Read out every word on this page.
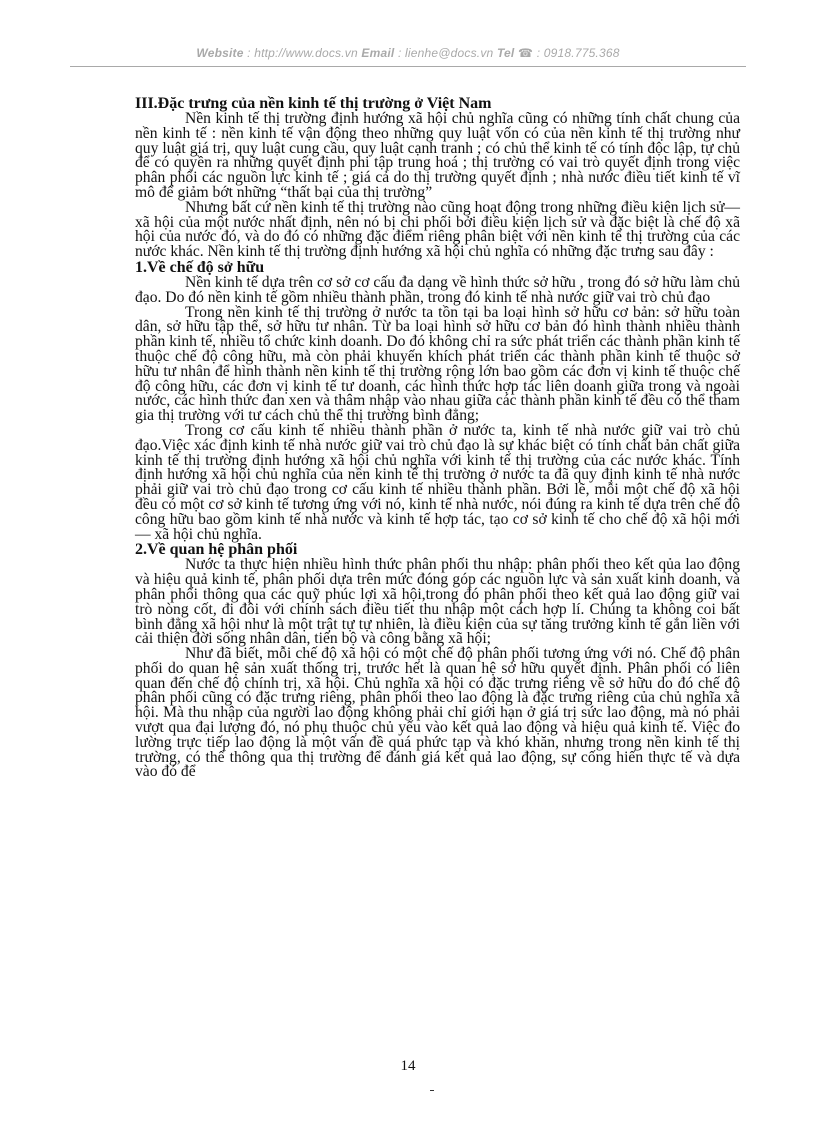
Website : http://www.docs.vn Email : lienhe@docs.vn Tel ☎ : 0918.775.368
III.Đặc trưng của nền kinh tế thị trường ở Việt Nam

Nền kinh tế thị trường định hướng xã hội chủ nghĩa cũng có những tính chất chung của nền kinh tế : nền kinh tế vận động theo những quy luật vốn có của nền kinh tế thị trường như quy luật giá trị, quy luật cung cầu, quy luật cạnh tranh ; có chủ thể kinh tế có tính độc lập, tự chủ để có quyền ra những quyết định phi tập trung hoá ; thị trường có vai trò quyết định trong việc phân phối các nguồn lực kinh tế ; giá cả do thị trường quyết định ; nhà nước điều tiết kinh tế vĩ mô để giảm bớt những “thất bại của thị trường”

Nhưng bất cứ nền kinh tế thị trường nào cũng hoạt động trong những điều kiện lịch sử—xã hội của một nước nhất định, nên nó bị chi phối bởi điều kiện lịch sử và đặc biệt là chế độ xã hội của nước đó, và do đó có những đặc điểm riêng phân biệt với nền kinh tế thị trường của các nước khác. Nền kinh tế thị trường định hướng xã hội chủ nghĩa có những đặc trưng sau đây :

1.Về chế độ sở hữu

Nền kinh tế dựa trên cơ sở cơ cấu đa dạng về hình thức sở hữu , trong đó sở hữu làm chủ đạo. Do đó nền kinh tế gồm nhiều thành phần, trong đó kinh tế nhà nước giữ vai trò chủ đạo

Trong nền kinh tế thị trường ở nước ta tồn tại ba loại hình sở hữu cơ bản: sở hữu toàn dân, sở hữu tập thể, sở hữu tư nhân. Từ ba loại hình sở hữu cơ bản đó hình thành nhiều thành phần kinh tế, nhiều tổ chức kinh doanh. Do đó không chỉ ra sức phát triển các thành phần kinh tế thuộc chế độ công hữu, mà còn phải khuyến khích phát triển các thành phần kinh tế thuộc sở hữu tư nhân để hình thành nền kinh tế thị trường rộng lớn bao gồm các đơn vị kinh tế thuộc chế độ công hữu, các đơn vị kinh tế tư doanh, các hình thức hợp tác liên doanh giữa trong và ngoài nước, các hình thức đan xen và thâm nhập vào nhau giữa các thành phần kinh tế đều có thể tham gia thị trường với tư cách chủ thể thị trường bình đẳng;

Trong cơ cấu kinh tế nhiều thành phần ở nước ta, kinh tế nhà nước giữ vai trò chủ đạo.Việc xác định kinh tế nhà nước giữ vai trò chủ đạo là sự khác biệt có tính chất bản chất giữa kinh tế thị trường định hướng xã hội chủ nghĩa với kinh tế thị trường của các nước khác. Tính định hướng xã hội chủ nghĩa của nền kinh tế thị trường ở nước ta đã quy định kinh tế nhà nước phải giữ vai trò chủ đạo trong cơ cấu kinh tế nhiều thành phần. Bởi lẽ, mỗi một chế độ xã hội đều có một cơ sở kinh tế tương ứng với nó, kinh tế nhà nước, nói đúng ra kinh tế dựa trên chế độ công hữu bao gồm kinh tế nhà nước và kinh tế hợp tác, tạo cơ sở kinh tế cho chế độ xã hội mới — xã hội chủ nghĩa.

2.Về quan hệ phân phối

Nước ta thực hiện nhiều hình thức phân phối thu nhập: phân phối theo kết qủa lao động và hiệu quả kinh tế, phân phối dựa trên mức đóng góp các nguồn lực và sản xuất kinh doanh, và phân phối thông qua các quỹ phúc lợi xã hội,trong đó phân phối theo kết quả lao động giữ vai trò nòng cốt, đi đôi với chính sách điều tiết thu nhập một cách hợp lí. Chúng ta không coi bất bình đẳng xã hội như là một trật tự tự nhiên, là điều kiện của sự tăng trưởng kinh tế gắn liền với cải thiện đời sống nhân dân, tiến bộ và công bằng xã hội;

Như đã biết, mỗi chế độ xã hội có một chế độ phân phối tương ứng với nó. Chế độ phân phối do quan hệ sản xuất thống trị, trước hết là quan hệ sở hữu quyết định. Phân phối có liên quan đến chế độ chính trị, xã hội. Chủ nghĩa xã hội có đặc trưng riêng về sở hữu do đó chế độ phân phối cũng có đặc trưng riêng, phân phối theo lao động là đặc trưng riêng của chủ nghĩa xã hội. Mà thu nhập của người lao động không phải chỉ giới hạn ở giá trị sức lao động, mà nó phải vượt qua đại lượng đó, nó phụ thuộc chủ yếu vào kết quả lao động và hiệu quả kinh tế. Việc đo lường trực tiếp lao động là một vấn đề quá phức tạp và khó khăn, nhưng trong nền kinh tế thị trường, có thể thông qua thị trường để đánh giá kết quả lao động, sự cống hiến thực tế và dựa vào đó để

14
